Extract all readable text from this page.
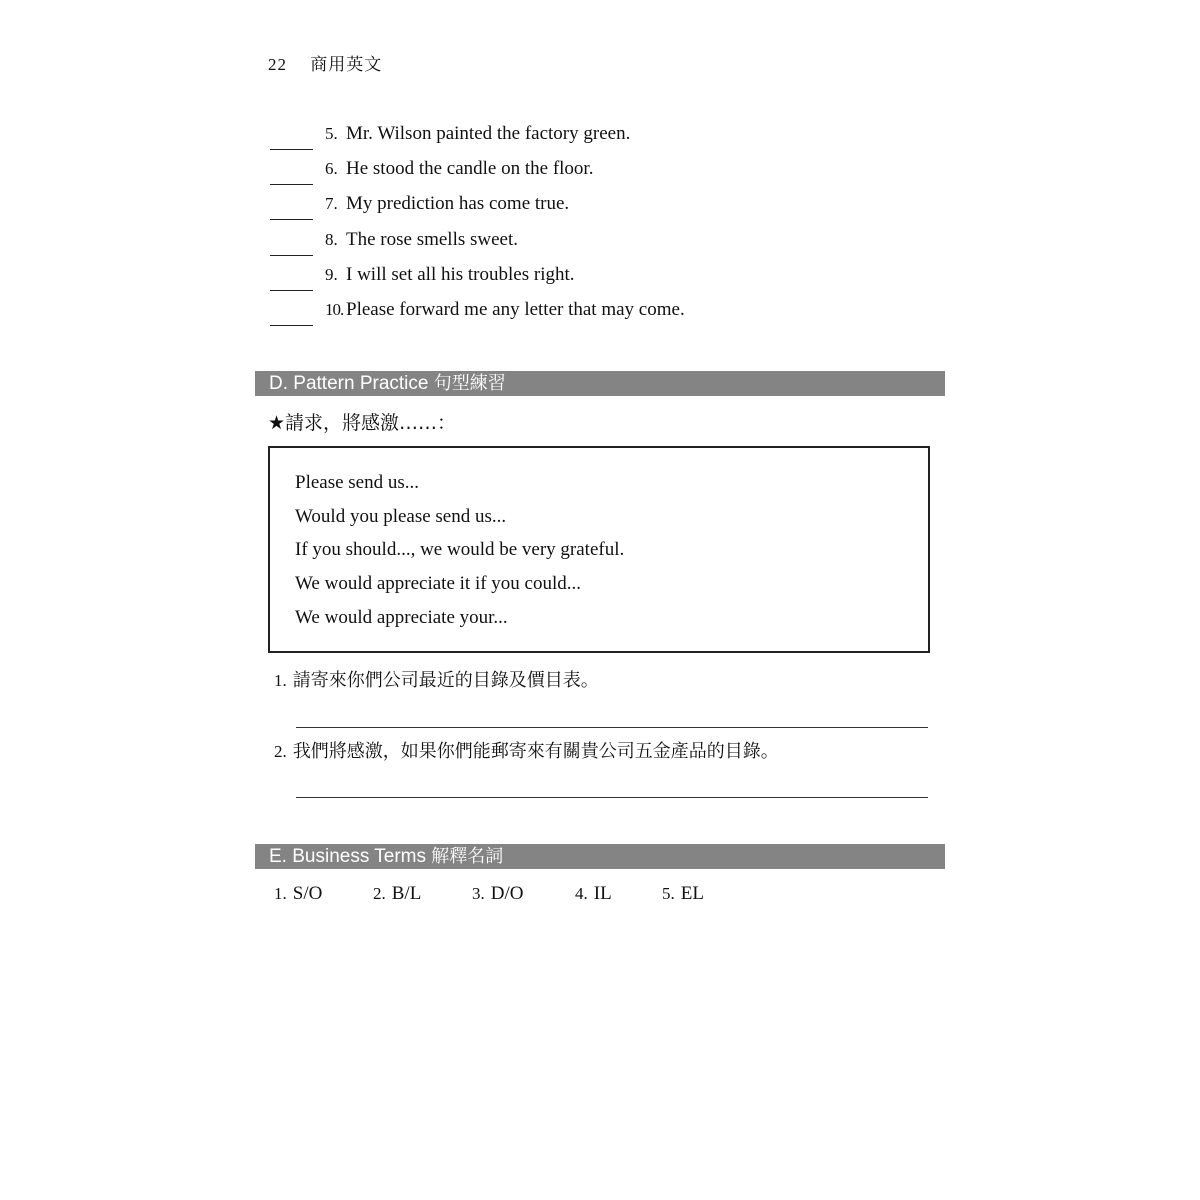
22 商用英文
5. Mr. Wilson painted the factory green.
6. He stood the candle on the floor.
7. My prediction has come true.
8. The rose smells sweet.
9. I will set all his troubles right.
10. Please forward me any letter that may come.
D. Pattern Practice 句型練習
★請求，將感激……：
Please send us...
Would you please send us...
If you should..., we would be very grateful.
We would appreciate it if you could...
We would appreciate your...
1. 請寄來你們公司最近的目錄及價目表。
2. 我們將感激，如果你們能郵寄來有關貴公司五金產品的目錄。
E. Business Terms 解釋名詞
1. S/O	2. B/L	3. D/O	4. IL	5. EL
